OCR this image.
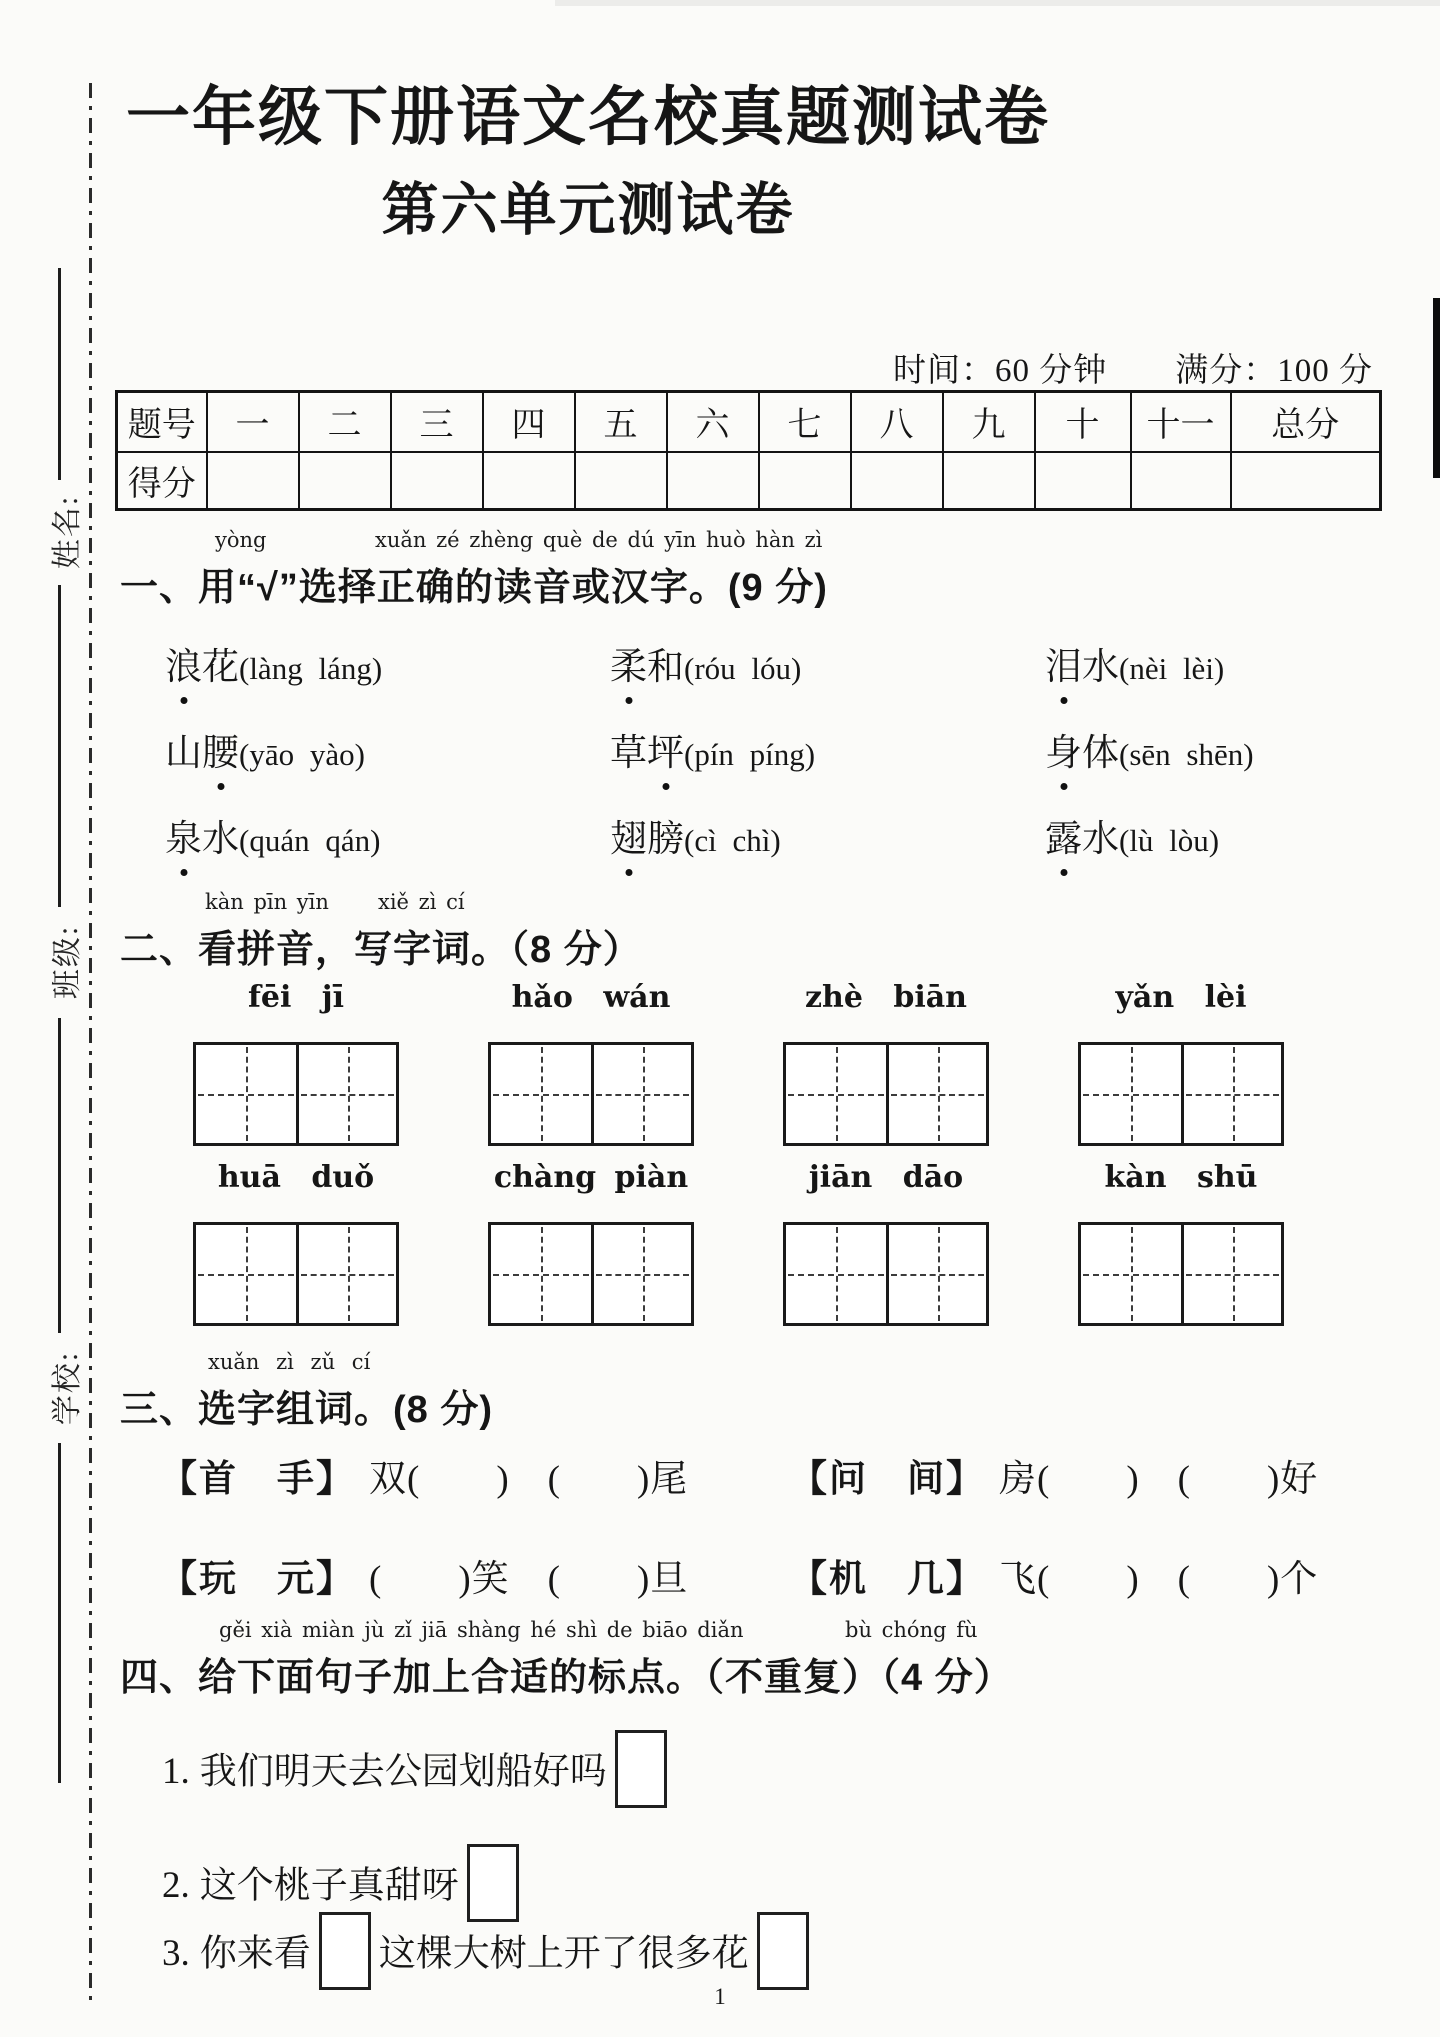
姓名:
班级:
学校:
一年级下册语文名校真题测试卷
第六单元测试卷
时间：60 分钟　　满分：100 分
题号	一	二	三	四	五	六	七	八	九	十	十一	总分
得分												
yòng	xuǎn zé zhèng què de dú yīn huò hàn zì
一、用“√”选择正确的读音或汉字。(9 分)
浪花(làng láng)	柔和(róu lóu)	泪水(nèi lèi)
山腰(yāo yào)	草坪(pín píng)	身体(sēn shēn)
泉水(quán qán)	翅膀(cì chì)	露水(lù lòu)
kàn pīn yīn xiě zì cí
二、看拼音，写字词。（8 分）
fēi jī	hǎo wán	zhè biān	yǎn lèi
huā duǒ	chàng piàn	jiān dāo	kàn shū
xuǎn zì zǔ cí
三、选字组词。(8 分)
【首　手】 双(　　)　(　　)尾	【问　间】 房(　　)　(　　)好
【玩　元】 (　　)笑　(　　)旦	【机　几】 飞(　　)　(　　)个
gěi xià miàn jù zǐ jiā shàng hé shì de biāo diǎn	bù chóng fù
四、给下面句子加上合适的标点。（不重复）（4 分）
1. 我们明天去公园划船好吗
2. 这个桃子真甜呀
3. 你来看 这棵大树上开了很多花
1
